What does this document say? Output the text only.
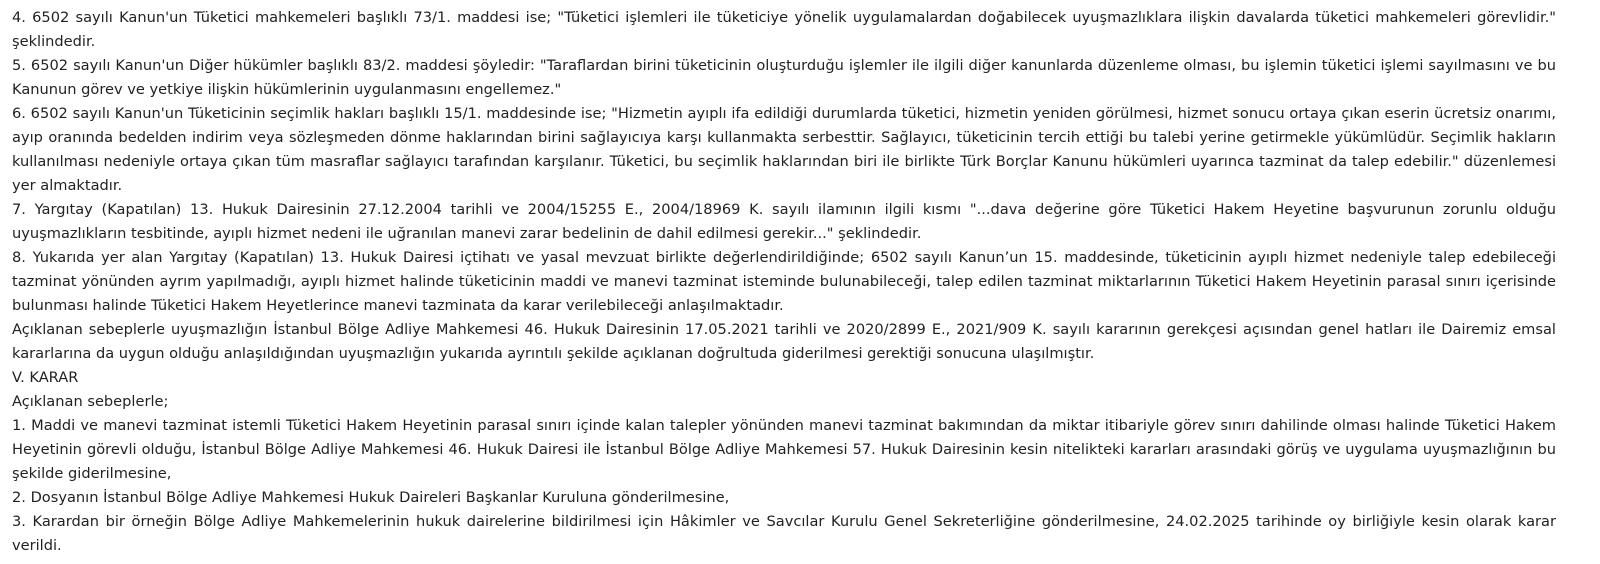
4. 6502 sayılı Kanun'un Tüketici mahkemeleri başlıklı 73/1. maddesi ise; "Tüketici işlemleri ile tüketiciye yönelik uygulamalardan doğabilecek uyuşmazlıklara ilişkin davalarda tüketici mahkemeleri görevlidir." şeklindedir.

5. 6502 sayılı Kanun'un Diğer hükümler başlıklı 83/2. maddesi şöyledir: "Taraflardan birini tüketicinin oluşturduğu işlemler ile ilgili diğer kanunlarda düzenleme olması, bu işlemin tüketici işlemi sayılmasını ve bu Kanunun görev ve yetkiye ilişkin hükümlerinin uygulanmasını engellemez."

6. 6502 sayılı Kanun'un Tüketicinin seçimlik hakları başlıklı 15/1. maddesinde ise; "Hizmetin ayıplı ifa edildiği durumlarda tüketici, hizmetin yeniden görülmesi, hizmet sonucu ortaya çıkan eserin ücretsiz onarımı, ayıp oranında bedelden indirim veya sözleşmeden dönme haklarından birini sağlayıcıya karşı kullanmakta serbesttir. Sağlayıcı, tüketicinin tercih ettiği bu talebi yerine getirmekle yükümlüdür. Seçimlik hakların kullanılması nedeniyle ortaya çıkan tüm masraflar sağlayıcı tarafından karşılanır. Tüketici, bu seçimlik haklarından biri ile birlikte Türk Borçlar Kanunu hükümleri uyarınca tazminat da talep edebilir." düzenlemesi yer almaktadır.

7. Yargıtay (Kapatılan) 13. Hukuk Dairesinin 27.12.2004 tarihli ve 2004/15255 E., 2004/18969 K. sayılı ilamının ilgili kısmı "...dava değerine göre Tüketici Hakem Heyetine başvurunun zorunlu olduğu uyuşmazlıkların tesbitinde, ayıplı hizmet nedeni ile uğranılan manevi zarar bedelinin de dahil edilmesi gerekir..." şeklindedir.

8. Yukarıda yer alan Yargıtay (Kapatılan) 13. Hukuk Dairesi içtihatı ve yasal mevzuat birlikte değerlendirildiğinde; 6502 sayılı Kanun’un 15. maddesinde, tüketicinin ayıplı hizmet nedeniyle talep edebileceği tazminat yönünden ayrım yapılmadığı, ayıplı hizmet halinde tüketicinin maddi ve manevi tazminat isteminde bulunabileceği, talep edilen tazminat miktarlarının Tüketici Hakem Heyetinin parasal sınırı içerisinde bulunması halinde Tüketici Hakem Heyetlerince manevi tazminata da karar verilebileceği anlaşılmaktadır.

Açıklanan sebeplerle uyuşmazlığın İstanbul Bölge Adliye Mahkemesi 46. Hukuk Dairesinin 17.05.2021 tarihli ve 2020/2899 E., 2021/909 K. sayılı kararının gerekçesi açısından genel hatları ile Dairemiz emsal kararlarına da uygun olduğu anlaşıldığından uyuşmazlığın yukarıda ayrıntılı şekilde açıklanan doğrultuda giderilmesi gerektiği sonucuna ulaşılmıştır.

V. KARAR

Açıklanan sebeplerle;

1. Maddi ve manevi tazminat istemli Tüketici Hakem Heyetinin parasal sınırı içinde kalan talepler yönünden manevi tazminat bakımından da miktar itibariyle görev sınırı dahilinde olması halinde Tüketici Hakem Heyetinin görevli olduğu, İstanbul Bölge Adliye Mahkemesi 46. Hukuk Dairesi ile İstanbul Bölge Adliye Mahkemesi 57. Hukuk Dairesinin kesin nitelikteki kararları arasındaki görüş ve uygulama uyuşmazlığının bu şekilde giderilmesine,

2. Dosyanın İstanbul Bölge Adliye Mahkemesi Hukuk Daireleri Başkanlar Kuruluna gönderilmesine,

3. Karardan bir örneğin Bölge Adliye Mahkemelerinin hukuk dairelerine bildirilmesi için Hâkimler ve Savcılar Kurulu Genel Sekreterliğine gönderilmesine, 24.02.2025 tarihinde oy birliğiyle kesin olarak karar verildi.
